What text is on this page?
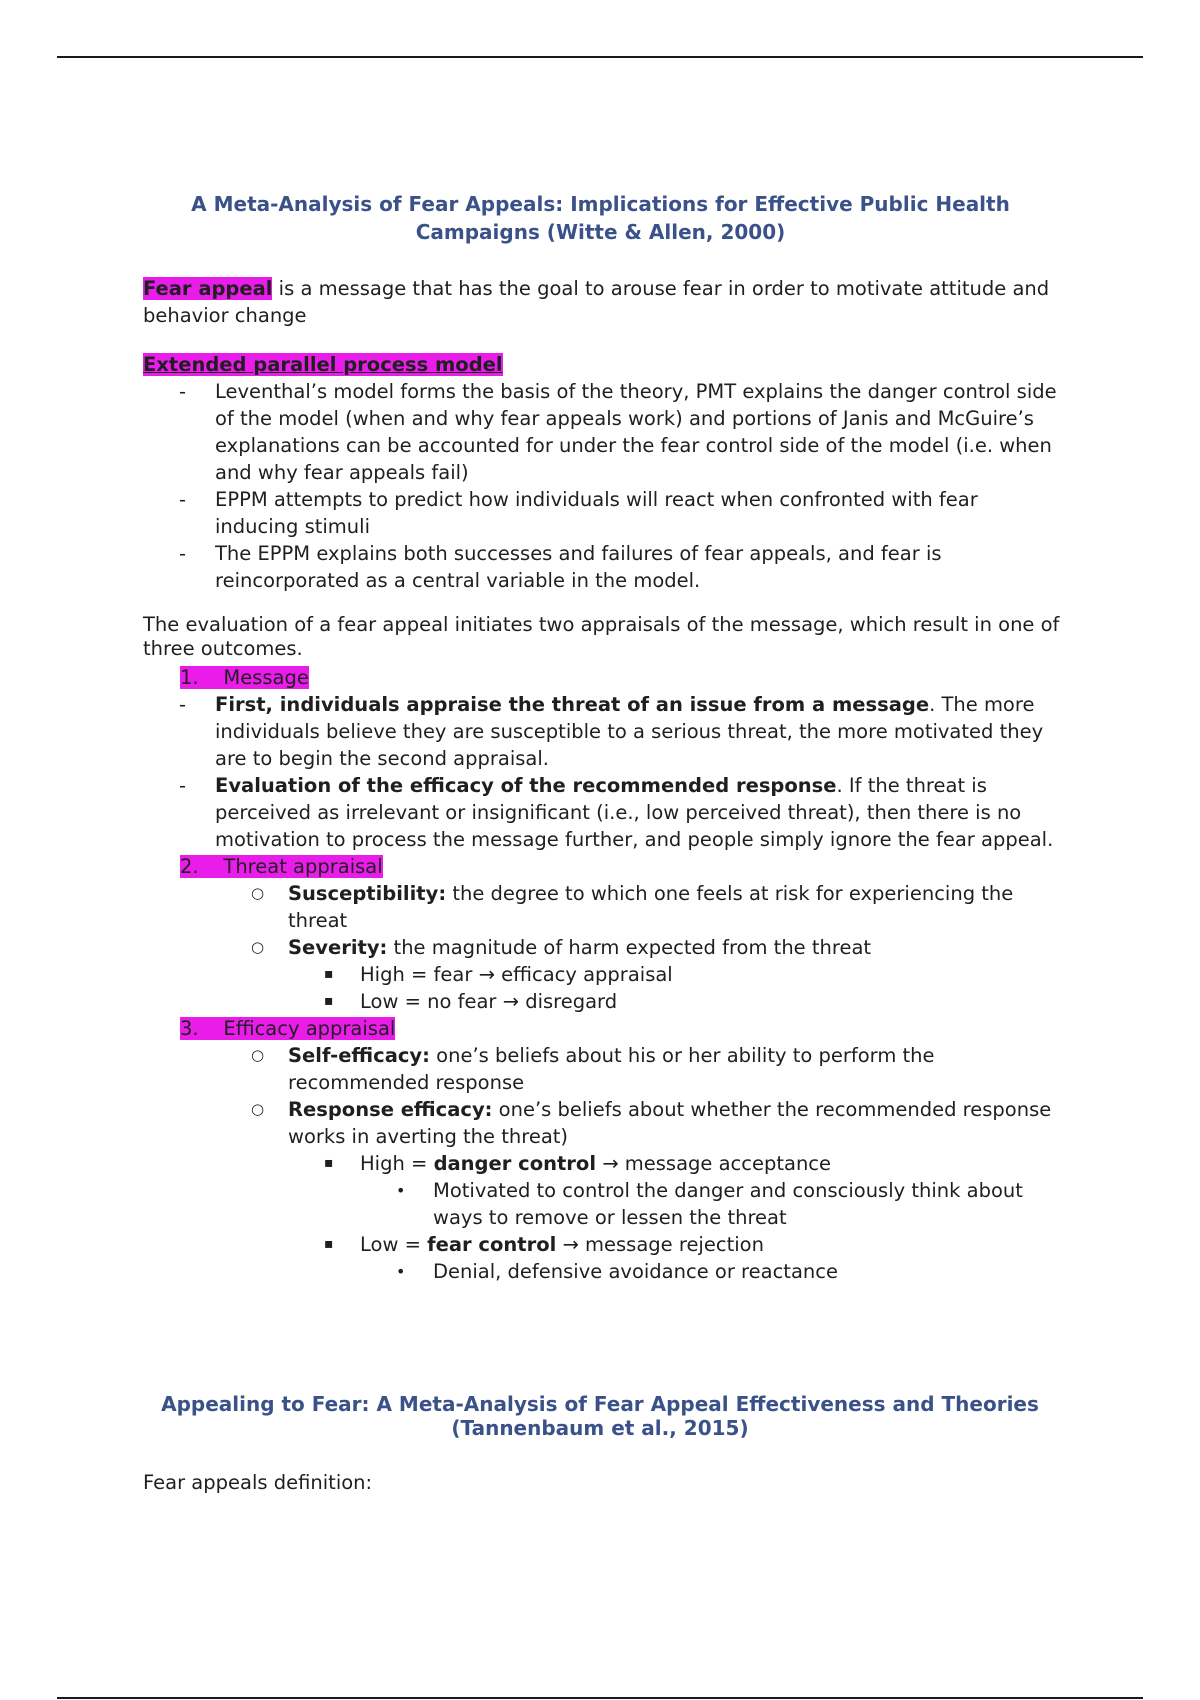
A Meta-Analysis of Fear Appeals: Implications for Effective Public Health Campaigns (Witte & Allen, 2000)

Fear appeal is a message that has the goal to arouse fear in order to motivate attitude and behavior change

Extended parallel process model
- Leventhal’s model forms the basis of the theory, PMT explains the danger control side of the model (when and why fear appeals work) and portions of Janis and McGuire’s explanations can be accounted for under the fear control side of the model (i.e. when and why fear appeals fail)
- EPPM attempts to predict how individuals will react when confronted with fear inducing stimuli
- The EPPM explains both successes and failures of fear appeals, and fear is reincorporated as a central variable in the model.

The evaluation of a fear appeal initiates two appraisals of the message, which result in one of three outcomes.

1. Message
- First, individuals appraise the threat of an issue from a message. The more individuals believe they are susceptible to a serious threat, the more motivated they are to begin the second appraisal.
- Evaluation of the efficacy of the recommended response. If the threat is perceived as irrelevant or insignificant (i.e., low perceived threat), then there is no motivation to process the message further, and people simply ignore the fear appeal.
2. Threat appraisal
○ Susceptibility: the degree to which one feels at risk for experiencing the threat
○ Severity: the magnitude of harm expected from the threat
▪ High = fear → efficacy appraisal
▪ Low = no fear → disregard
3. Efficacy appraisal
○ Self-efficacy: one’s beliefs about his or her ability to perform the recommended response
○ Response efficacy: one’s beliefs about whether the recommended response works in averting the threat)
▪ High = danger control → message acceptance
• Motivated to control the danger and consciously think about ways to remove or lessen the threat
▪ Low = fear control → message rejection
• Denial, defensive avoidance or reactance
Appealing to Fear: A Meta-Analysis of Fear Appeal Effectiveness and Theories (Tannenbaum et al., 2015)
Fear appeals definition:
